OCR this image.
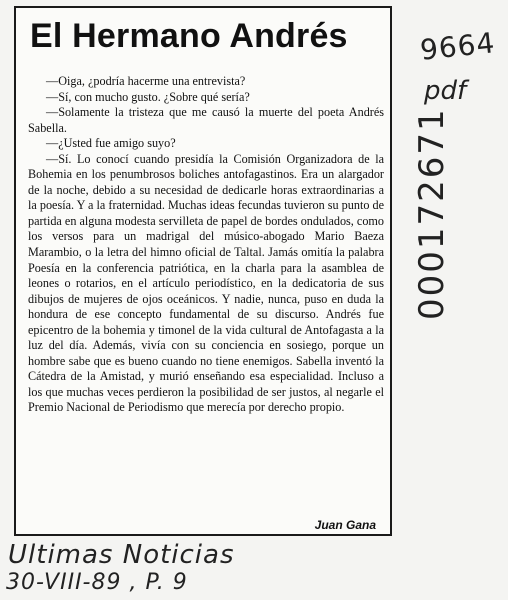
El Hermano Andrés

—Oiga, ¿podría hacerme una entrevista?

—Sí, con mucho gusto. ¿Sobre qué sería?

—Solamente la tristeza que me causó la muerte del poeta Andrés Sabella.

—¿Usted fue amigo suyo?

—Sí. Lo conocí cuando presidía la Comisión Organizadora de la Bohemia en los penumbrosos boliches antofagastinos. Era un alargador de la noche, debido a su necesidad de dedicarle horas extraordinarias a la poesía. Y a la fraternidad. Muchas ideas fecundas tuvieron su punto de partida en alguna modesta servilleta de papel de bordes ondulados, como los versos para un madrigal del músico-abogado Mario Baeza Marambio, o la letra del himno oficial de Taltal. Jamás omitía la palabra Poesía en la conferencia patriótica, en la charla para la asamblea de leones o rotarios, en el artículo periodístico, en la dedicatoria de sus dibujos de mujeres de ojos oceánicos. Y nadie, nunca, puso en duda la hondura de ese concepto fundamental de su discurso. Andrés fue epicentro de la bohemia y timonel de la vida cultural de Antofagasta a la luz del día. Además, vivía con su conciencia en sosiego, porque un hombre sabe que es bueno cuando no tiene enemigos. Sabella inventó la Cátedra de la Amistad, y murió enseñando esa especialidad. Incluso a los que muchas veces perdieron la posibilidad de ser justos, al negarle el Premio Nacional de Periodismo que merecía por derecho propio.

Juan Gana
9664
pdf
000172671
Ultimas Noticias
30-VIII-89 , P. 9
